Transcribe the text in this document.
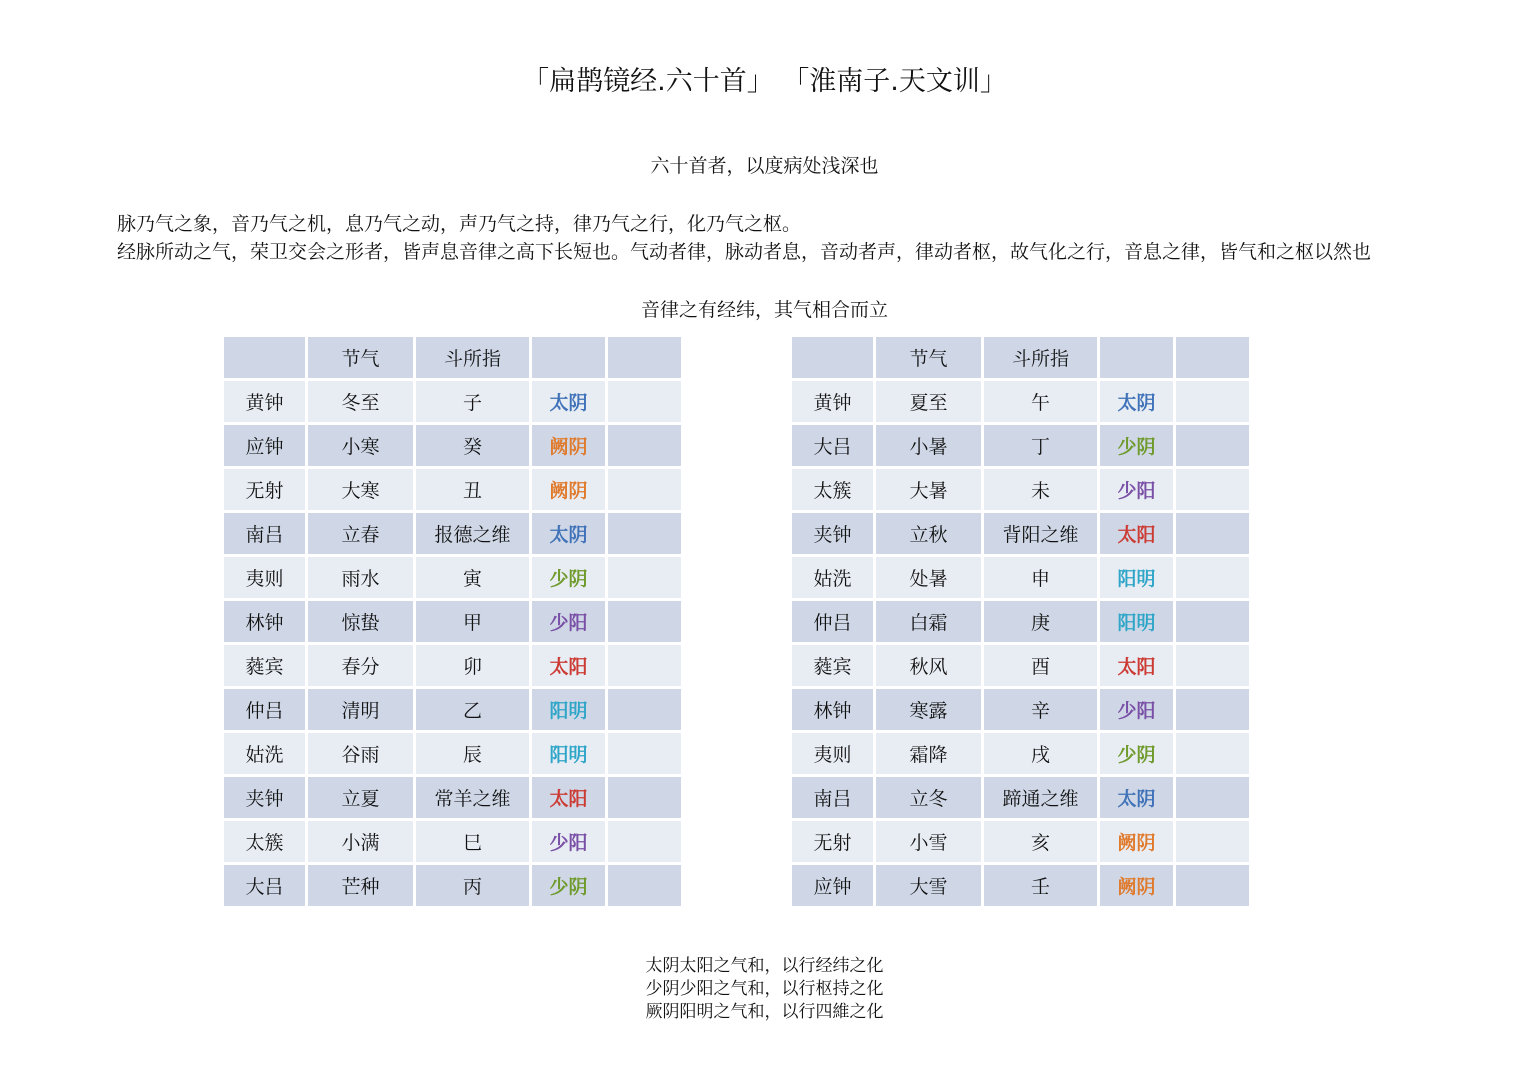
「扁鹊镜经.六十首」 「淮南子.天文训」
六十首者，以度病处浅深也
脉乃气之象，音乃气之机，息乃气之动，声乃气之持，律乃气之行，化乃气之枢。
经脉所动之气，荣卫交会之形者，皆声息音律之高下长短也。气动者律，脉动者息，音动者声，律动者枢，故气化之行，音息之律，皆气和之枢以然也
音律之有经纬，其气相合而立
	节气	斗所指		
黄钟	冬至	子	太阴	
应钟	小寒	癸	阙阴	
无射	大寒	丑	阙阴	
南吕	立春	报德之维	太阴	
夷则	雨水	寅	少阴	
林钟	惊蛰	甲	少阳	
蕤宾	春分	卯	太阳	
仲吕	清明	乙	阳明	
姑洗	谷雨	辰	阳明	
夹钟	立夏	常羊之维	太阳	
太簇	小满	巳	少阳	
大吕	芒种	丙	少阴	
	节气	斗所指		
黄钟	夏至	午	太阴	
大吕	小暑	丁	少阴	
太簇	大暑	未	少阳	
夹钟	立秋	背阳之维	太阳	
姑洗	处暑	申	阳明	
仲吕	白霜	庚	阳明	
蕤宾	秋风	酉	太阳	
林钟	寒露	辛	少阳	
夷则	霜降	戌	少阴	
南吕	立冬	蹄通之维	太阴	
无射	小雪	亥	阙阴	
应钟	大雪	壬	阙阴	
太阴太阳之气和，以行经纬之化
少阴少阳之气和，以行枢持之化
厥阴阳明之气和，以行四維之化
